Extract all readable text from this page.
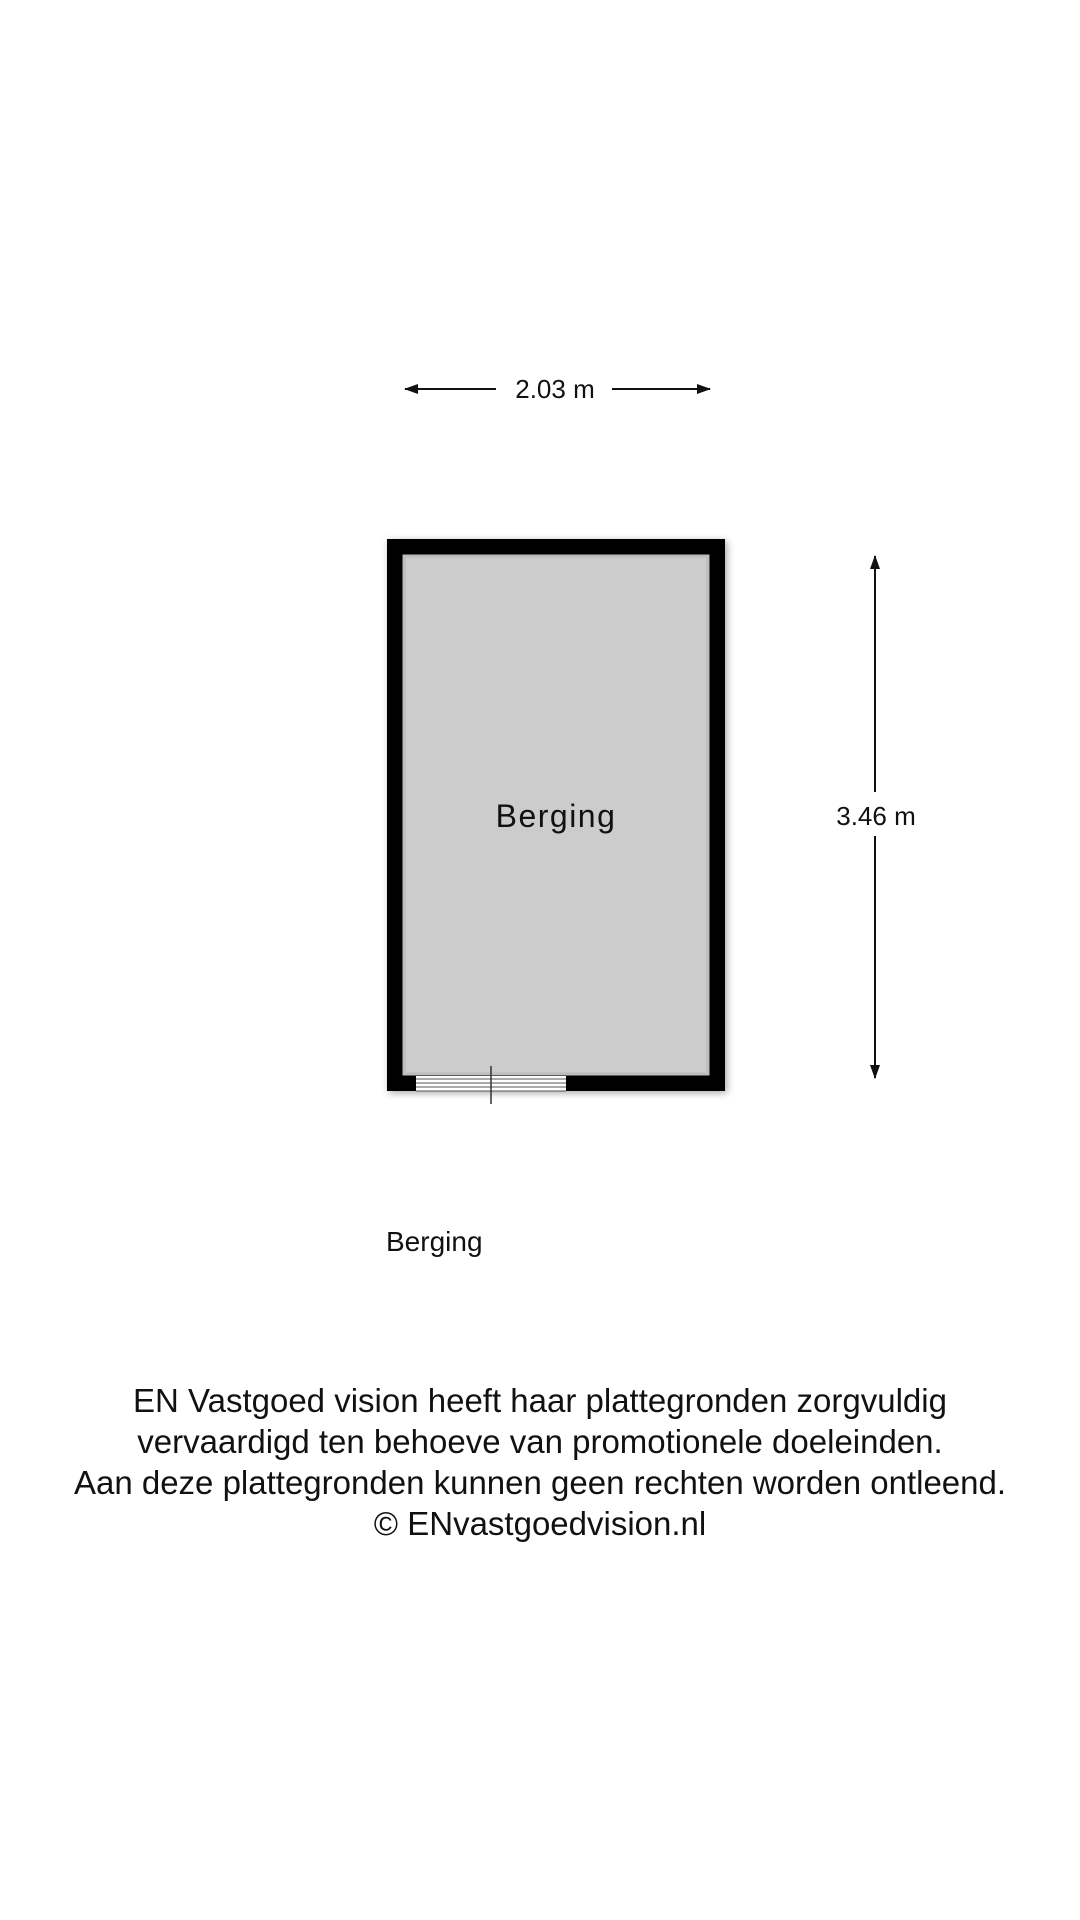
2.03 m
3.46 m
Berging
Berging
EN Vastgoed vision heeft haar plattegronden zorgvuldig
vervaardigd ten behoeve van promotionele doeleinden.
Aan deze plattegronden kunnen geen rechten worden ontleend.
© ENvastgoedvision.nl
